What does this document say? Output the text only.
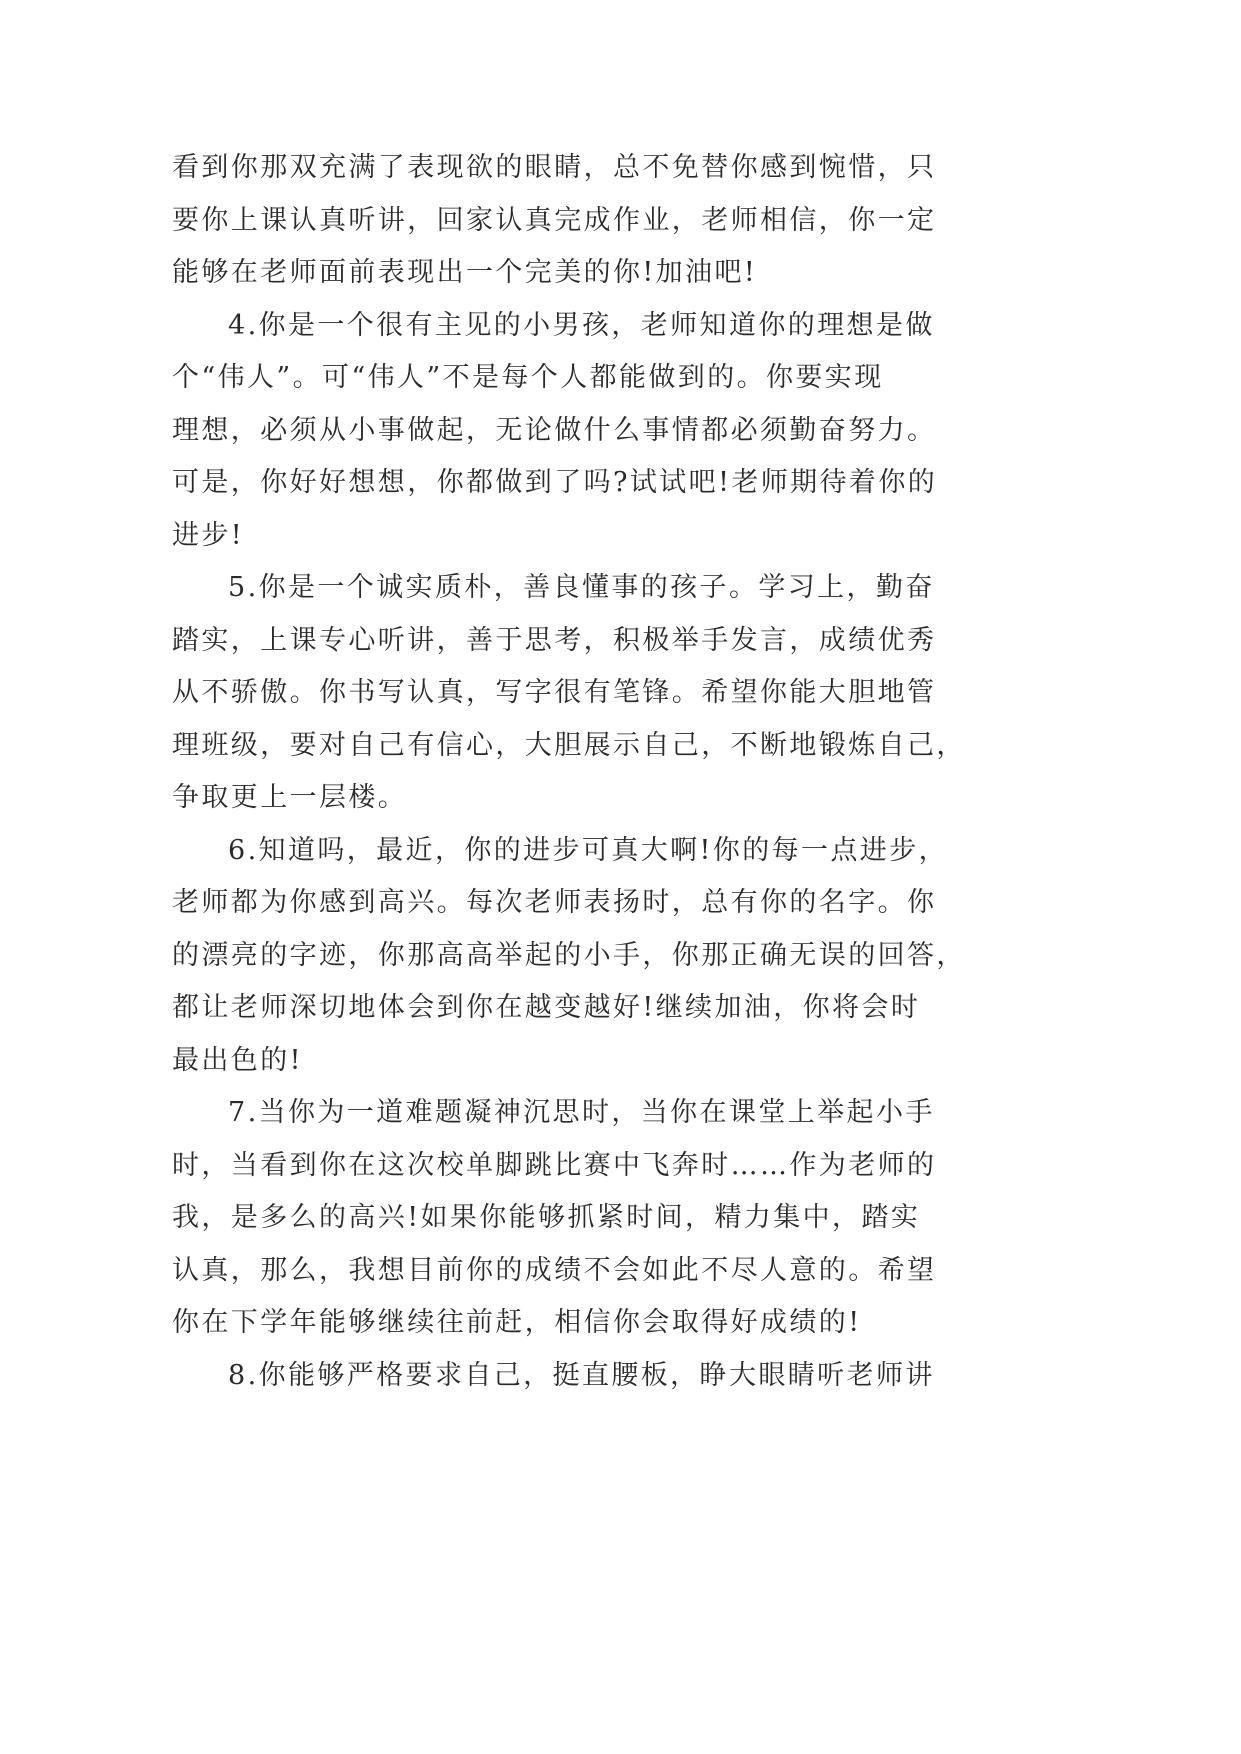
看到你那双充满了表现欲的眼睛，总不免替你感到惋惜，只
要你上课认真听讲，回家认真完成作业，老师相信，你一定
能够在老师面前表现出一个完美的你!加油吧!
4.你是一个很有主见的小男孩，老师知道你的理想是做
个“伟人”。可“伟人”不是每个人都能做到的。你要实现
理想，必须从小事做起，无论做什么事情都必须勤奋努力。
可是，你好好想想，你都做到了吗?试试吧!老师期待着你的
进步!
5.你是一个诚实质朴，善良懂事的孩子。学习上，勤奋
踏实，上课专心听讲，善于思考，积极举手发言，成绩优秀
从不骄傲。你书写认真，写字很有笔锋。希望你能大胆地管
理班级，要对自己有信心，大胆展示自己，不断地锻炼自己，
争取更上一层楼。
6.知道吗，最近，你的进步可真大啊!你的每一点进步，
老师都为你感到高兴。每次老师表扬时，总有你的名字。你
的漂亮的字迹，你那高高举起的小手，你那正确无误的回答，
都让老师深切地体会到你在越变越好!继续加油，你将会时
最出色的!
7.当你为一道难题凝神沉思时，当你在课堂上举起小手
时，当看到你在这次校单脚跳比赛中飞奔时……作为老师的
我，是多么的高兴!如果你能够抓紧时间，精力集中，踏实
认真，那么，我想目前你的成绩不会如此不尽人意的。希望
你在下学年能够继续往前赶，相信你会取得好成绩的!
8.你能够严格要求自己，挺直腰板，睁大眼睛听老师讲
